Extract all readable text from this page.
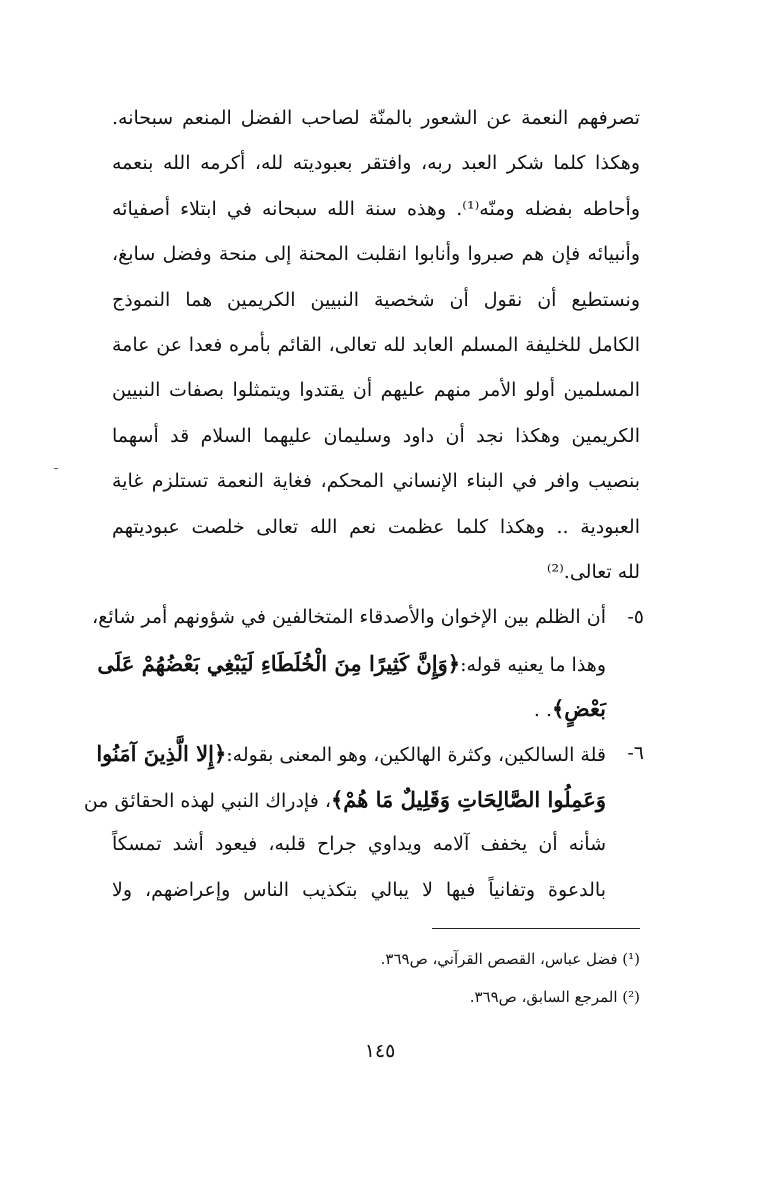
تصرفهم النعمة عن الشعور بالمنّة لصاحب الفضل المنعم سبحانه.
وهكذا كلما شكر العبد ربه، وافتقر بعبوديته لله، أكرمه الله بنعمه
وأحاطه بفضله ومنّه⁽¹⁾. وهذه سنة الله سبحانه في ابتلاء أصفيائه
وأنبيائه فإن هم صبروا وأنابوا انقلبت المحنة إلى منحة وفضل سابغ،
ونستطيع أن نقول أن شخصية النبيين الكريمين هما النموذج
الكامل للخليفة المسلم العابد لله تعالى، القائم بأمره فعدا عن عامة
المسلمين أولو الأمر منهم عليهم أن يقتدوا ويتمثلوا بصفات النبيين
الكريمين وهكذا نجد أن داود وسليمان عليهما السلام قد أسهما
بنصيب وافر في البناء الإنساني المحكم، فغاية النعمة تستلزم غاية
العبودية .. وهكذا كلما عظمت نعم الله تعالى خلصت عبوديتهم
لله تعالى.⁽²⁾
٥-
أن الظلم بين الإخوان والأصدقاء المتخالفين في شؤونهم أمر شائع،
وهذا ما يعنيه قوله:﴿وَإِنَّ كَثِيرًا مِنَ الْخُلَطَاءِ لَيَبْغِي بَعْضُهُمْ عَلَى
بَعْضٍ﴾. .
٦-
قلة السالكين، وكثرة الهالكين، وهو المعنى بقوله:﴿إِلا الَّذِينَ آمَنُوا
وَعَمِلُوا الصَّالِحَاتِ وَقَلِيلٌ مَا هُمْ﴾، فإدراك النبي لهذه الحقائق من
شأنه أن يخفف آلامه ويداوي جراح قلبه، فيعود أشد تمسكاً
بالدعوة وتفانياً فيها لا يبالي بتكذيب الناس وإعراضهم، ولا
(¹) فضل عباس، القصص القرآني، ص٣٦٩.
(²) المرجع السابق، ص٣٦٩.
١٤٥
